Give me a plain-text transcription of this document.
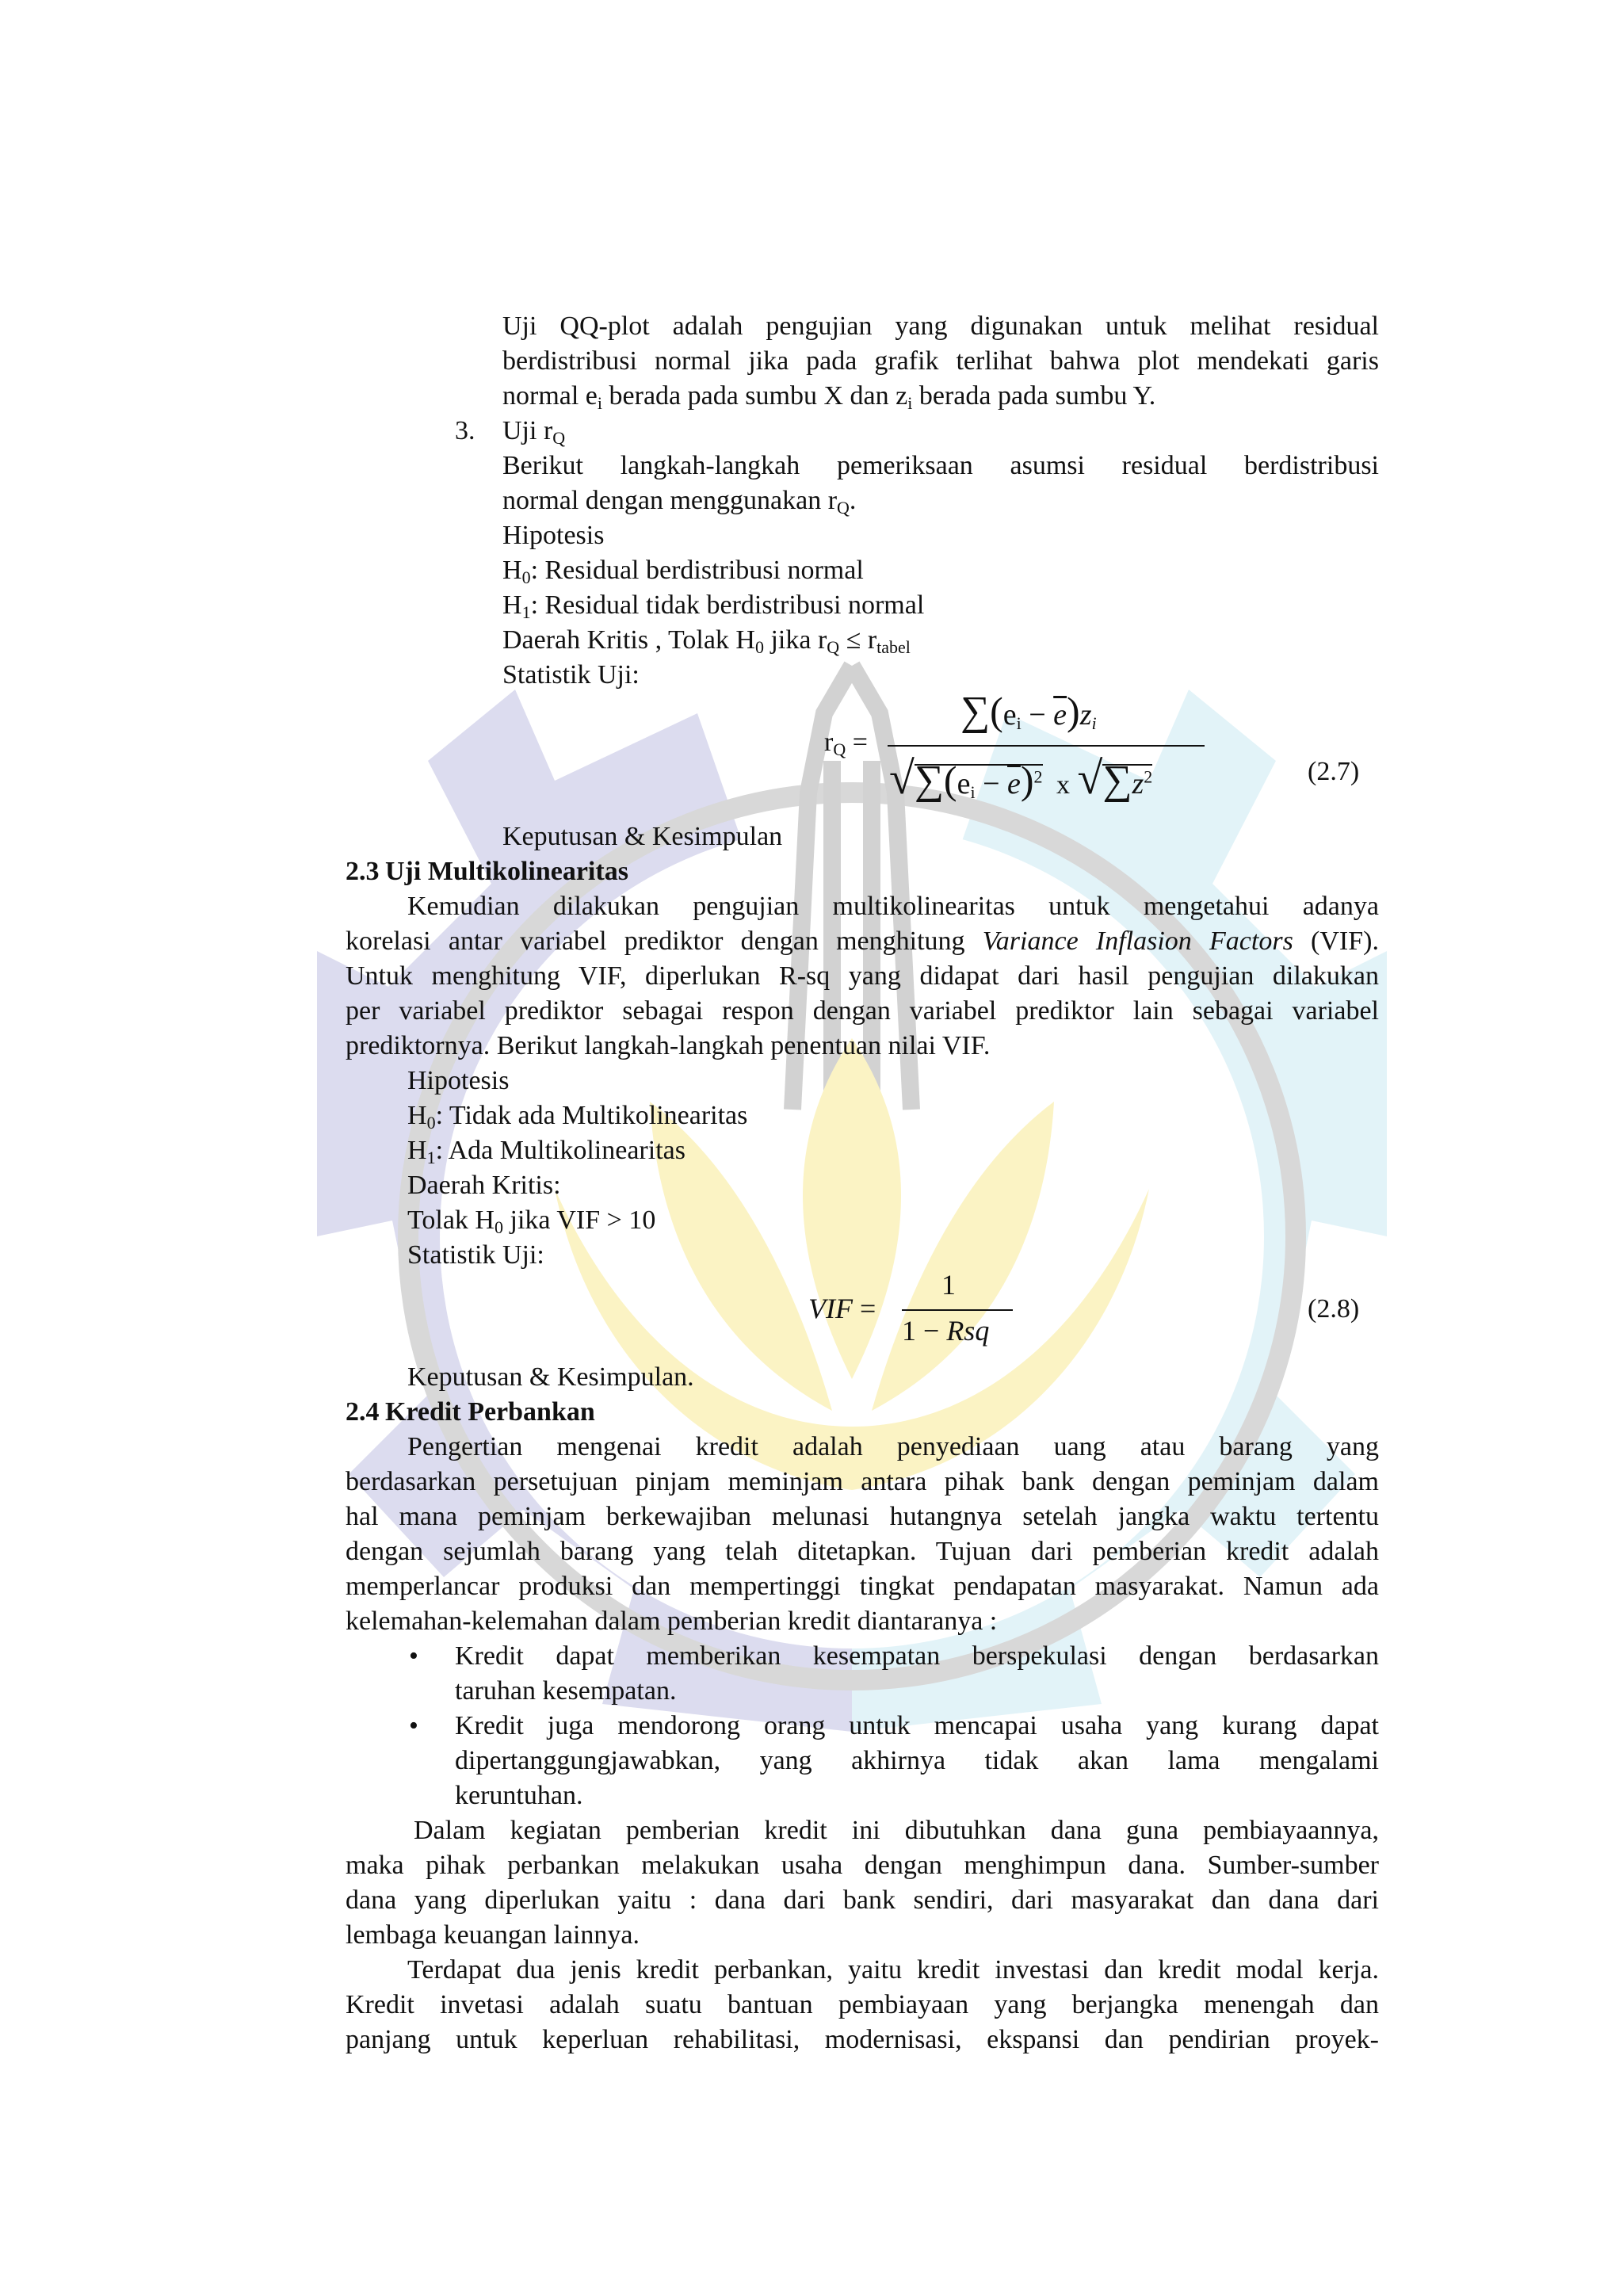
Uji QQ-plot adalah pengujian yang digunakan untuk melihat residual
berdistribusi normal jika pada grafik terlihat bahwa plot mendekati garis
normal $e_i$ berada pada sumbu X dan $z_i$ berada pada sumbu Y.
3. Uji $r_Q$
Berikut langkah-langkah pemeriksaan asumsi residual berdistribusi
normal dengan menggunakan $r_Q$.
Hipotesis
$H_0$: Residual berdistribusi normal
$H_1$: Residual tidak berdistribusi normal
Daerah Kritis , Tolak $H_0$ jika $r_Q \le r_{tabel}$
Statistik Uji:
$r_Q$ =
$\sum(e_i - \overline{e})z_i$
$√\sum(e_i - \overline{e})^2$ x $√\sum z^2$	(2.7)
Keputusan & Kesimpulan
2.3 Uji Multikolinearitas
Kemudian dilakukan pengujian multikolinearitas untuk mengetahui adanya
korelasi antar variabel prediktor dengan menghitung Variance Inflasion Factors (VIF).
Untuk menghitung VIF, diperlukan R-sq yang didapat dari hasil pengujian dilakukan
per variabel prediktor sebagai respon dengan variabel prediktor lain sebagai variabel
prediktornya. Berikut langkah-langkah penentuan nilai VIF.
Hipotesis
$H_0$: Tidak ada Multikolinearitas
$H_1$: Ada Multikolinearitas
Daerah Kritis:
Tolak $H_0$ jika VIF > 10
Statistik Uji:
VIF =
1
1 − Rsq
(2.8)
Keputusan & Kesimpulan.
2.4 Kredit Perbankan
Pengertian mengenai kredit adalah penyediaan uang atau barang yang
berdasarkan persetujuan pinjam meminjam antara pihak bank dengan peminjam dalam
hal mana peminjam berkewajiban melunasi hutangnya setelah jangka waktu tertentu
dengan sejumlah barang yang telah ditetapkan. Tujuan dari pemberian kredit adalah
memperlancar produksi dan mempertinggi tingkat pendapatan masyarakat. Namun ada
kelemahan-kelemahan dalam pemberian kredit diantaranya :
• Kredit dapat memberikan kesempatan berspekulasi dengan berdasarkan
taruhan kesempatan.
• Kredit juga mendorong orang untuk mencapai usaha yang kurang dapat
dipertanggungjawabkan, yang akhirnya tidak akan lama mengalami
keruntuhan.
Dalam kegiatan pemberian kredit ini dibutuhkan dana guna pembiayaannya,
maka pihak perbankan melakukan usaha dengan menghimpun dana. Sumber-sumber
dana yang diperlukan yaitu : dana dari bank sendiri, dari masyarakat dan dana dari
lembaga keuangan lainnya.
Terdapat dua jenis kredit perbankan, yaitu kredit investasi dan kredit modal kerja.
Kredit invetasi adalah suatu bantuan pembiayaan yang berjangka menengah dan
panjang untuk keperluan rehabilitasi, modernisasi, ekspansi dan pendirian proyek-
